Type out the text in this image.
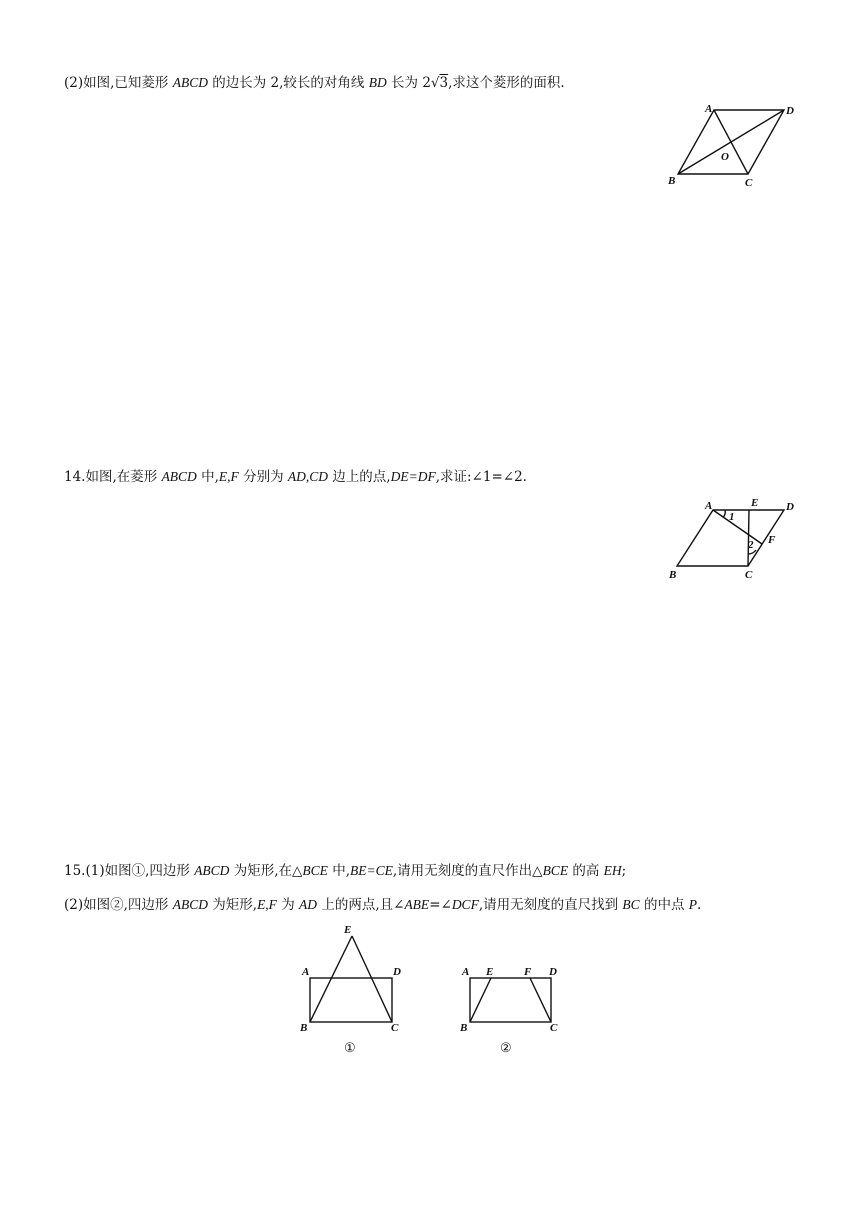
(2)如图,已知菱形 ABCD 的边长为 2,较长的对角线 BD 长为 2√3,求这个菱形的面积.
A	D
B	C
O
14.如图,在菱形 ABCD 中,E,F 分别为 AD,CD 边上的点,DE=DF,求证:∠1=∠2.
A	E	D
F
B	C
1
2
15.(1)如图①,四边形 ABCD 为矩形,在△BCE 中,BE=CE,请用无刻度的直尺作出△BCE 的高 EH;
(2)如图②,四边形 ABCD 为矩形,E,F 为 AD 上的两点,且∠ABE=∠DCF,请用无刻度的直尺找到 BC 的中点 P.
E
A	D
B	C
①
A E	F D
B	C
②
